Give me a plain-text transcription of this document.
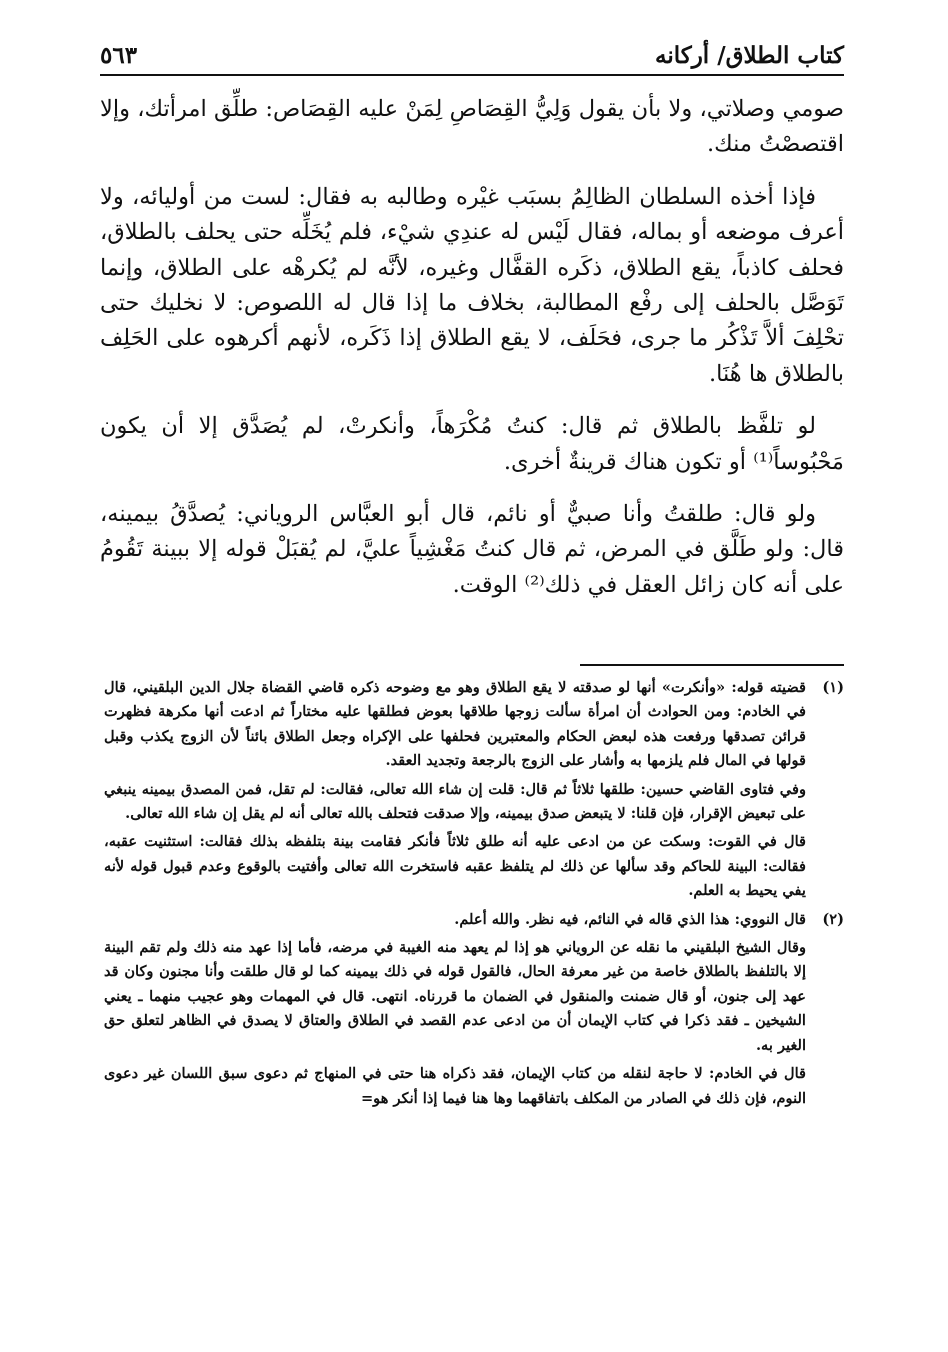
كتاب الطلاق/ أركانه
٥٦٣

صومي وصلاتي، ولا بأن يقول وَلِيُّ القِصَاصِ لِمَنْ عليه القِصَاص: طلِّق امرأتك، وإلا اقتصصْتُ منك.

فإذا أخذه السلطان الظالِمُ بسبَب غيْره وطالبه به فقال: لست من أوليائه، ولا أعرف موضعه أو بماله، فقال لَيْس له عندِي شيْء، فلم يُخَلِّه حتى يحلف بالطلاق، فحلف كاذباً، يقع الطلاق، ذكَره القفَّال وغيره، لأنَّه لم يُكرهْه على الطلاق، وإنما تَوَصَّل بالحلف إلى رفْع المطالبة، بخلاف ما إذا قال له اللصوص: لا نخليك حتى تحْلِفَ ألاَّ تَذْكُر ما جرى، فحَلَف، لا يقع الطلاق إذا ذَكَره، لأنهم أكرهوه على الحَلِف بالطلاق ها هُنَا.

لو تلفَّظ بالطلاق ثم قال: كنتُ مُكْرَهاً، وأنكرتْ، لم يُصَدَّق إلا أن يكون مَحْبُوساً⁽¹⁾ أو تكون هناك قرينةٌ أخرى.

ولو قال: طلقتُ وأنا صبيٌّ أو نائم، قال أبو العبَّاس الروياني: يُصدَّقُ بيمينه، قال: ولو طَلَّق في المرض، ثم قال كنتُ مَغْشِياً عليَّ، لم يُقبَلْ قوله إلا ببينة تَقُومُ على أنه كان زائل العقل في ذلك⁽²⁾ الوقت.

(١)

قضيته قوله: «وأنكرت» أنها لو صدقته لا يقع الطلاق وهو مع وضوحه ذكره قاضي القضاة جلال الدين البلقيني، قال في الخادم: ومن الحوادث أن امرأة سألت زوجها طلاقها بعوض فطلقها عليه مختاراً ثم ادعت أنها مكرهة فظهرت قرائن تصدقها ورفعت هذه لبعض الحكام والمعتبرين فحلفها على الإكراه وجعل الطلاق بائناً لأن الزوج يكذب وقبل قولها في المال فلم يلزمها به وأشار على الزوج بالرجعة وتجديد العقد.

وفي فتاوى القاضي حسين: طلقها ثلاثاً ثم قال: قلت إن شاء الله تعالى، فقالت: لم تقل، فمن المصدق بيمينه ينبغي على تبعيض الإقرار، فإن قلنا: لا يتبعض صدق بيمينه، وإلا صدقت فتحلف بالله تعالى أنه لم يقل إن شاء الله تعالى.

قال في القوت: وسكت عن من ادعى عليه أنه طلق ثلاثاً فأنكر فقامت بينة بتلفظه بذلك فقالت: استثنيت عقبه، فقالت: البينة للحاكم وقد سألها عن ذلك لم يتلفظ عقبه فاستخرت الله تعالى وأفتيت بالوقوع وعدم قبول قوله لأنه يفي يحيط به العلم.

(٢)

قال النووي: هذا الذي قاله في النائم، فيه نظر. والله أعلم.

وقال الشيخ البلقيني ما نقله عن الروياني هو إذا لم يعهد منه الغيبة في مرضه، فأما إذا عهد منه ذلك ولم تقم البينة إلا بالتلفظ بالطلاق خاصة من غير معرفة الحال، فالقول قوله في ذلك بيمينه كما لو قال طلقت وأنا مجنون وكان قد عهد إلى جنون، أو قال ضمنت والمنقول في الضمان ما قررناه. انتهى. قال في المهمات وهو عجيب منهما ـ يعني الشيخين ـ فقد ذكرا في كتاب الإيمان أن من ادعى عدم القصد في الطلاق والعتاق لا يصدق في الظاهر لتعلق حق الغير به.

قال في الخادم: لا حاجة لنقله من كتاب الإيمان، فقد ذكراه هنا حتى في المنهاج ثم دعوى سبق اللسان غير دعوى النوم، فإن ذلك في الصادر من المكلف باتفاقهما وها هنا فيما إذا أنكر هو=
